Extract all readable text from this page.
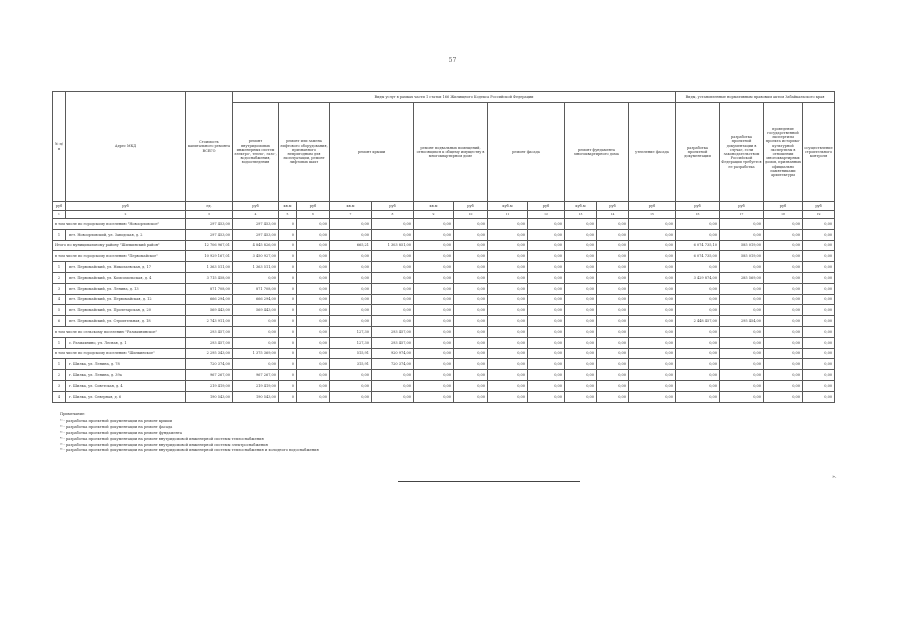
57
№ п/п	Адрес МКД	Стоимость капитального ремонта ВСЕГО	Виды услуг в рамках части 1 статьи 166 Жилищного Кодекса Российской Федерации												Виды, установленные нормативным правовым актом Забайкальского края			
			ремонт внутридомовых инженерных систем электро-, тепло-, газо-, водоснабжения, водоотведения	ремонт или замена лифтового оборудования, признанного непригодным для эксплуатации, ремонт лифтовых шахт		ремонт крыши		ремонт подвальных помещений, относящихся к общему имуществу в многоквартирном доме		ремонт фасада		ремонт фундамента многоквартирного дома		утепление фасада	разработка проектной документации	разработка проектной документации в случае, если законодательством Российской Федерации требуется ее разработка	проведение государственной экспертизы проекта историко-культурной экспертизы в отношении многоквартирных домов, признанных официально памятниками архитектуры	осуществление строительного контроля
руб	руб	ед.	руб	кв.м	руб	кв.м	руб	кв.м	руб	куб.м	руб	куб.м	руб	руб	руб	руб	руб	руб
1	2	3	4	5	6	7	8	9	10	11	12	13	14	15	16	17	18	19
в том числе по городскому поселению "Новоорловское"		297 453,00	297 453,00	0	0,00	0,00	0,00	0,00	0,00	0,00	0,00	0,00	0,00	0,00	0,00	0,00	0,00	0,00
1	пгт. Новоорловский, ул. Заводская, д. 2	297 453,00	297 453,00	0	0,00	0,00	0,00	0,00	0,00	0,00	0,00	0,00	0,00	0,00	0,00	0,00	0,00	0,00
Итого по муниципальному району "Шилкинский район"		12 706 967,01	4 845 826,00	0	0,00	665,21	1 303 851,00	0,00	0,00	0,00	0,00	0,00	0,00	0,00	6 074 735,10	585 019,00	0,00	0,00
в том числе по городскому поселению "Первомайское"		10 929 167,01	3 450 927,00	0	0,00	0,00	0,00	0,00	0,00	0,00	0,00	0,00	0,00	0,00	6 074 735,00	585 019,00	0,00	0,00
1	пгт. Первомайский, ул. Николаевская, д. 17	1 363 511,00	1 363 511,00	0	0,00	0,00	0,00	0,00	0,00	0,00	0,00	0,00	0,00	0,00	0,00	0,00	0,00	0,00
2	пгт. Первомайский, ул. Комсомольская, д. 4	3 715 458,00	0,00	0	0,00	0,00	0,00	0,00	0,00	0,00	0,00	0,00	0,00	0,00	3 429 874,00	285 569,00	0,00	0,00
3	пгт. Первомайский, ул. Ленина, д. 13	871 708,00	871 708,00	0	0,00	0,00	0,00	0,00	0,00	0,00	0,00	0,00	0,00	0,00	0,00	0,00	0,00	0,00
4	пгт. Первомайский, ул. Первомайская, д. 12	666 294,00	666 294,00	0	0,00	0,00	0,00	0,00	0,00	0,00	0,00	0,00	0,00	0,00	0,00	0,00	0,00	0,00
5	пгт. Первомайский, ул. Пролетарская, д. 20	569 443,00	569 443,00	0	0,00	0,00	0,00	0,00	0,00	0,00	0,00	0,00	0,00	0,00	0,00	0,00	0,00	0,00
6	пгт. Первомайский, ул. Строительная, д. 18	2 743 911,00	0,00	0	0,00	0,00	0,00	0,00	0,00	0,00	0,00	0,00	0,00	0,00	2 448 457,00	295 454,00	0,00	0,00
в том числе по сельскому поселению "Размахнинское"		293 457,00	0,00	0	0,00	127,30	293 457,00	0,00	0,00	0,00	0,00	0,00	0,00	0,00	0,00	0,00	0,00	0,00
1	с. Размахнино, ул. Лесная, д. 1	293 457,00	0,00	0	0,00	127,30	293 457,00	0,00	0,00	0,00	0,00	0,00	0,00	0,00	0,00	0,00	0,00	0,00
в том числе по городскому поселению "Шилкинское"		2 295 343,00	1 375 369,00	0	0,00	515,91	920 974,00	0,00	0,00	0,00	0,00	0,00	0,00	0,00	0,00	0,00	0,00	0,00
1	г. Шилка, ул. Ленина, д. 78	720 374,00	0,00	0	0,00	315,91	720 374,00	0,00	0,00	0,00	0,00	0,00	0,00	0,00	0,00	0,00	0,00	0,00
2	г. Шилка, ул. Ленина, д. 39а	967 267,00	967 267,00	0	0,00	0,00	0,00	0,00	0,00	0,00	0,00	0,00	0,00	0,00	0,00	0,00	0,00	0,00
3	г. Шилка, ул. Советская, д. 4	219 419,00	219 419,00	0	0,00	0,00	0,00	0,00	0,00	0,00	0,00	0,00	0,00	0,00	0,00	0,00	0,00	0,00
4	г. Шилка, ул. Северная, д. 6	190 543,00	190 543,00	0	0,00	0,00	0,00	0,00	0,00	0,00	0,00	0,00	0,00	0,00	0,00	0,00	0,00	0,00
Примечание:
¹⁾ - разработка проектной документации на ремонт крыши
²⁾ - разработка проектной документации на ремонт фасада
³⁾ - разработка проектной документации на ремонт фундамента
⁴⁾ - разработка проектной документации на ремонт внутридомовой инженерной системы теплоснабжения
⁵⁾ - разработка проектной документации на ремонт внутридомовой инженерной системы электроснабжения
⁶⁾ - разработка проектной документации на ремонт внутридомовой инженерной системы теплоснабжения и холодного водоснабжения
».
